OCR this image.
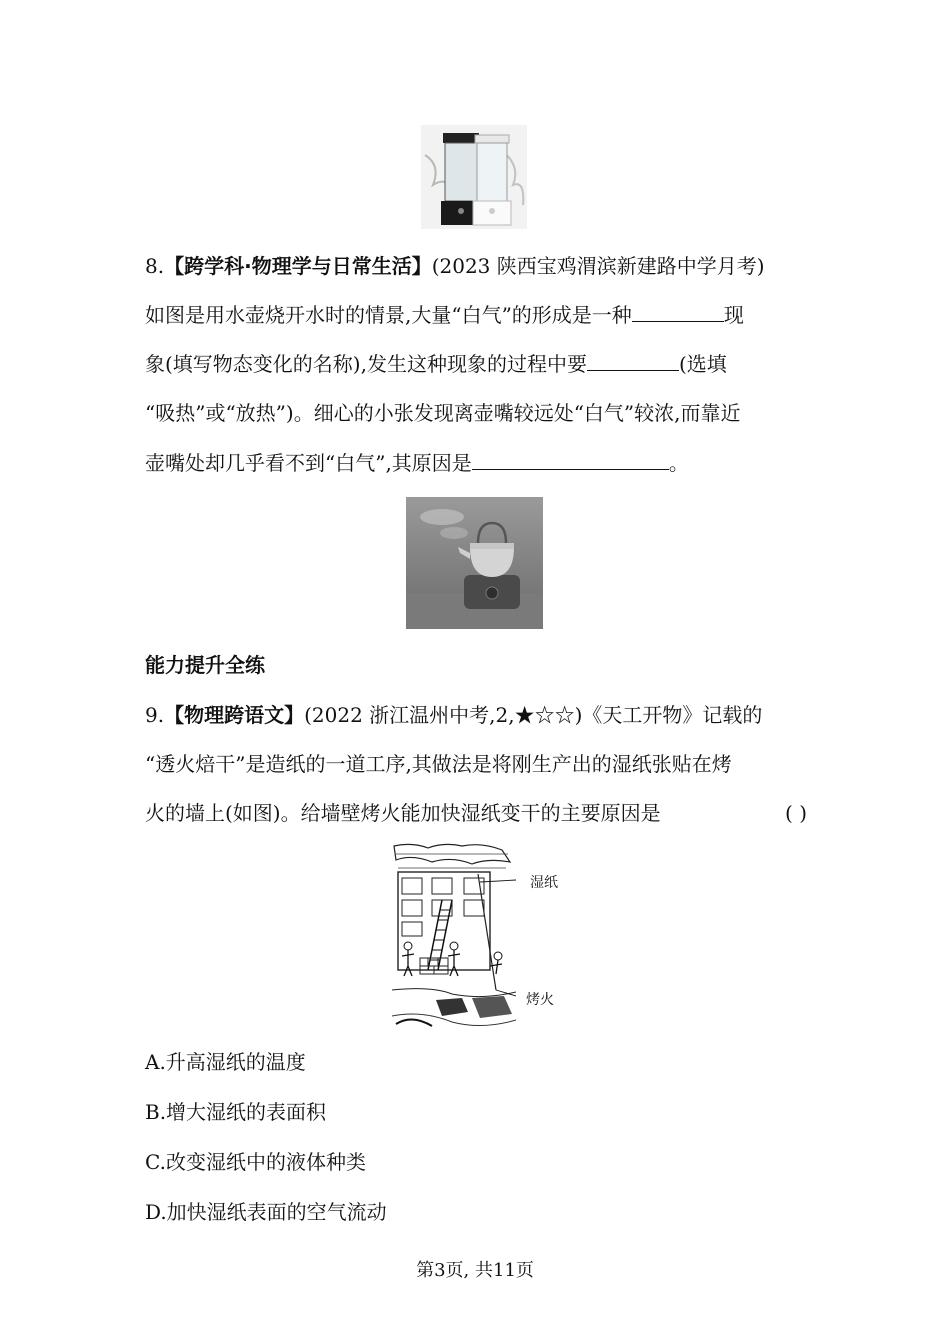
8.【跨学科·物理学与日常生活】(2023 陕西宝鸡渭滨新建路中学月考)
如图是用水壶烧开水时的情景,大量“白气”的形成是一种	现
象(填写物态变化的名称),发生这种现象的过程中要	(选填
“吸热”或“放热”)。细心的小张发现离壶嘴较远处“白气”较浓,而靠近
壶嘴处却几乎看不到“白气”,其原因是	。
能力提升全练
9.【物理跨语文】(2022 浙江温州中考,2,★☆☆)《天工开物》记载的
“透火焙干”是造纸的一道工序,其做法是将刚生产出的湿纸张贴在烤
火的墙上(如图)。给墙壁烤火能加快湿纸变干的主要原因是	( )
湿纸
烤火
A.升高湿纸的温度
B.增大湿纸的表面积
C.改变湿纸中的液体种类
D.加快湿纸表面的空气流动
第3页, 共11页
